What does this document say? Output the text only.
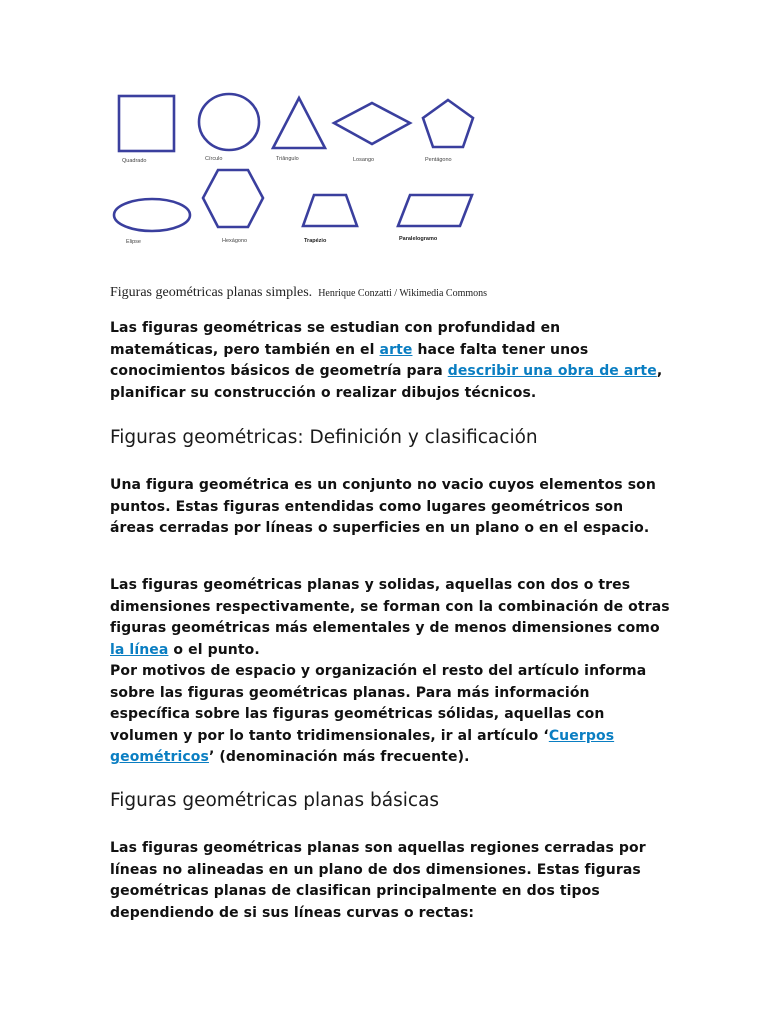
Quadrado	Círculo	Triângulo	Losango	Pentágono
Elipse	Hexágono	Trapézio	Paralelogramo
Figuras geométricas planas simples. Henrique Conzatti / Wikimedia Commons

Las figuras geométricas se estudian con profundidad en matemáticas, pero también en el arte hace falta tener unos conocimientos básicos de geometría para describir una obra de arte, planificar su construcción o realizar dibujos técnicos.

Figuras geométricas: Definición y clasificación

Una figura geométrica es un conjunto no vacio cuyos elementos son puntos. Estas figuras entendidas como lugares geométricos son áreas cerradas por líneas o superficies en un plano o en el espacio.

Las figuras geométricas planas y solidas, aquellas con dos o tres dimensiones respectivamente, se forman con la combinación de otras figuras geométricas más elementales y de menos dimensiones como la línea o el punto.

Por motivos de espacio y organización el resto del artículo informa sobre las figuras geométricas planas. Para más información específica sobre las figuras geométricas sólidas, aquellas con volumen y por lo tanto tridimensionales, ir al artículo ‘Cuerpos geométricos’ (denominación más frecuente).

Figuras geométricas planas básicas

Las figuras geométricas planas son aquellas regiones cerradas por líneas no alineadas en un plano de dos dimensiones. Estas figuras geométricas planas de clasifican principalmente en dos tipos dependiendo de si sus líneas curvas o rectas:
